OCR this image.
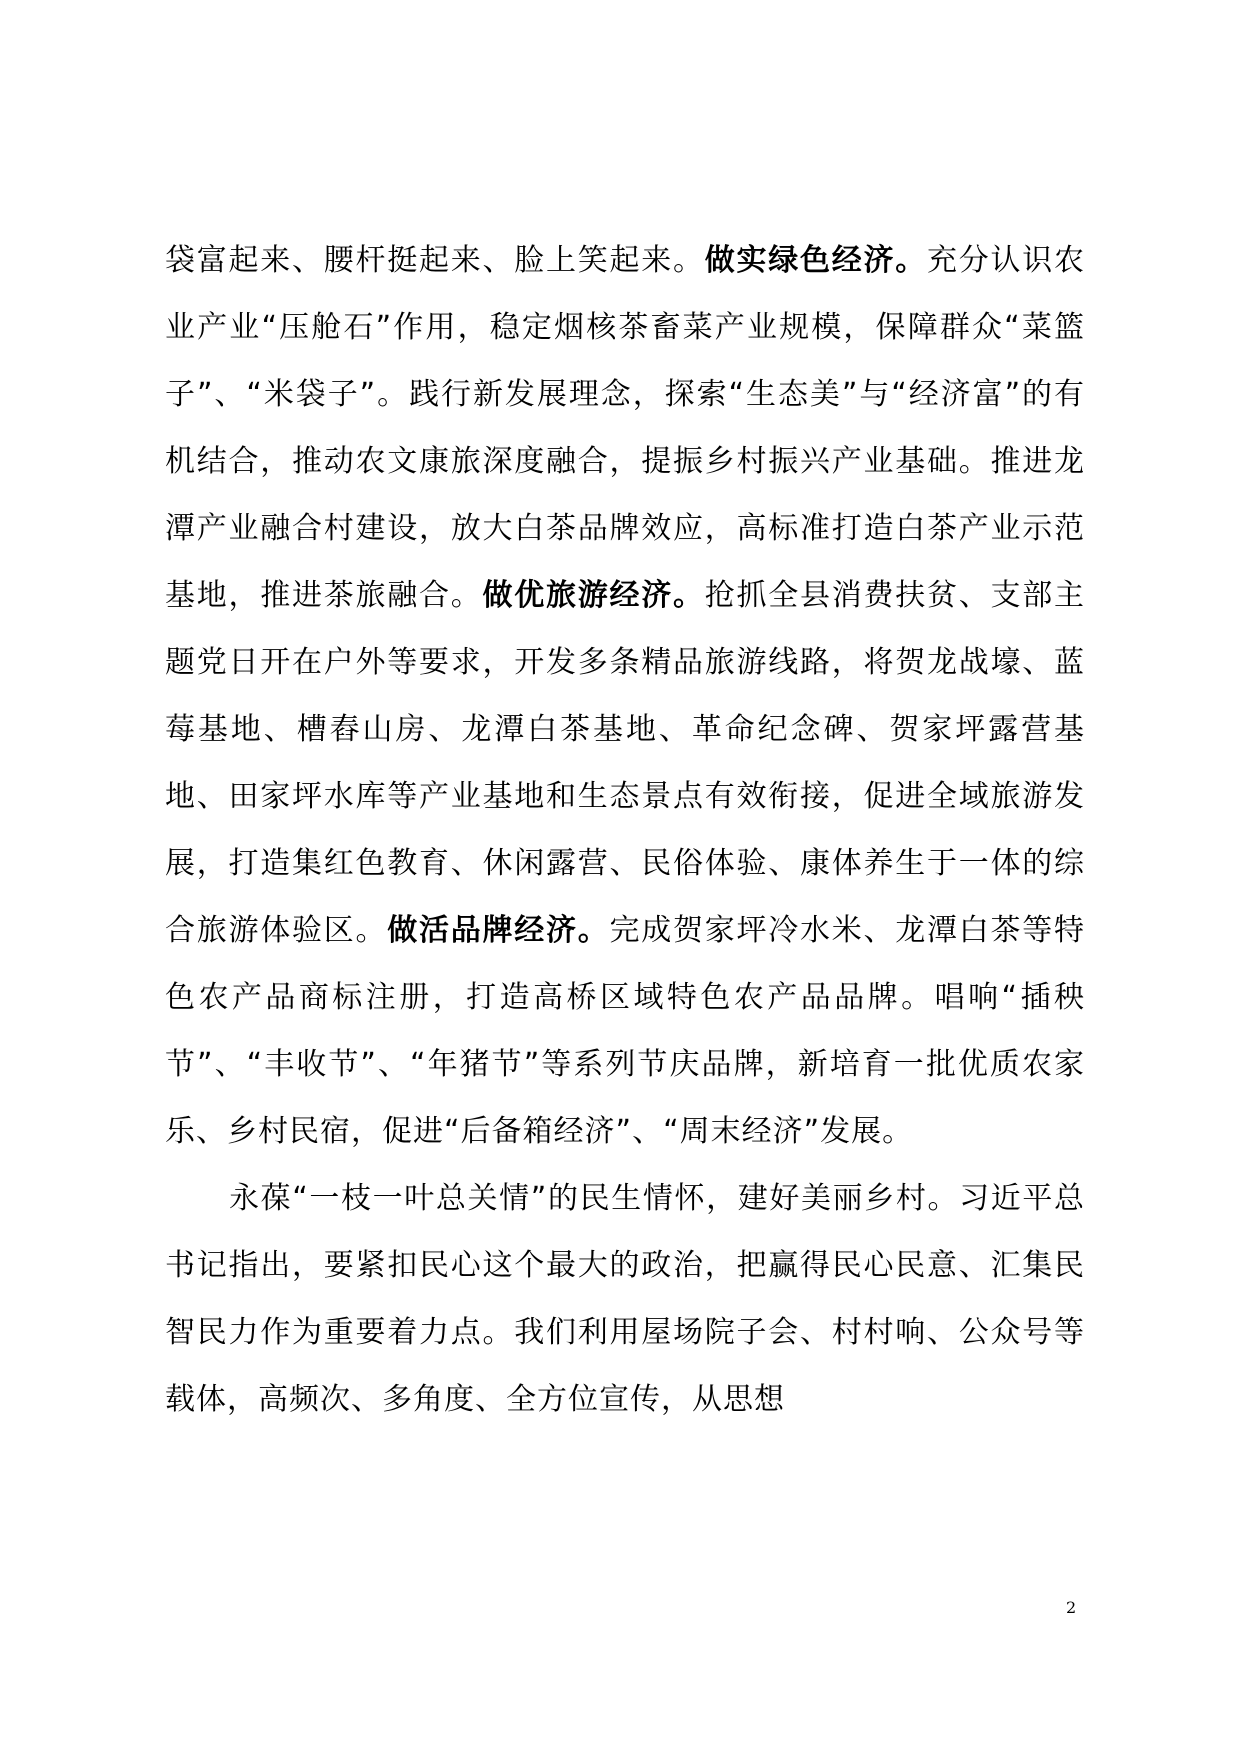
袋富起来、腰杆挺起来、脸上笑起来。做实绿色经济。充分认识农业产业“压舱石”作用，稳定烟核茶畜菜产业规模，保障群众“菜篮子”、“米袋子”。践行新发展理念，探索“生态美”与“经济富”的有机结合，推动农文康旅深度融合，提振乡村振兴产业基础。推进龙潭产业融合村建设，放大白茶品牌效应，高标准打造白茶产业示范基地，推进茶旅融合。做优旅游经济。抢抓全县消费扶贫、支部主题党日开在户外等要求，开发多条精品旅游线路，将贺龙战壕、蓝莓基地、槽舂山房、龙潭白茶基地、革命纪念碑、贺家坪露营基地、田家坪水库等产业基地和生态景点有效衔接，促进全域旅游发展，打造集红色教育、休闲露营、民俗体验、康体养生于一体的综合旅游体验区。做活品牌经济。完成贺家坪冷水米、龙潭白茶等特色农产品商标注册，打造高桥区域特色农产品品牌。唱响“插秧节”、“丰收节”、“年猪节”等系列节庆品牌，新培育一批优质农家乐、乡村民宿，促进“后备箱经济”、“周末经济”发展。

永葆“一枝一叶总关情”的民生情怀，建好美丽乡村。习近平总书记指出，要紧扣民心这个最大的政治，把赢得民心民意、汇集民智民力作为重要着力点。我们利用屋场院子会、村村响、公众号等载体，高频次、多角度、全方位宣传，从思想

2
